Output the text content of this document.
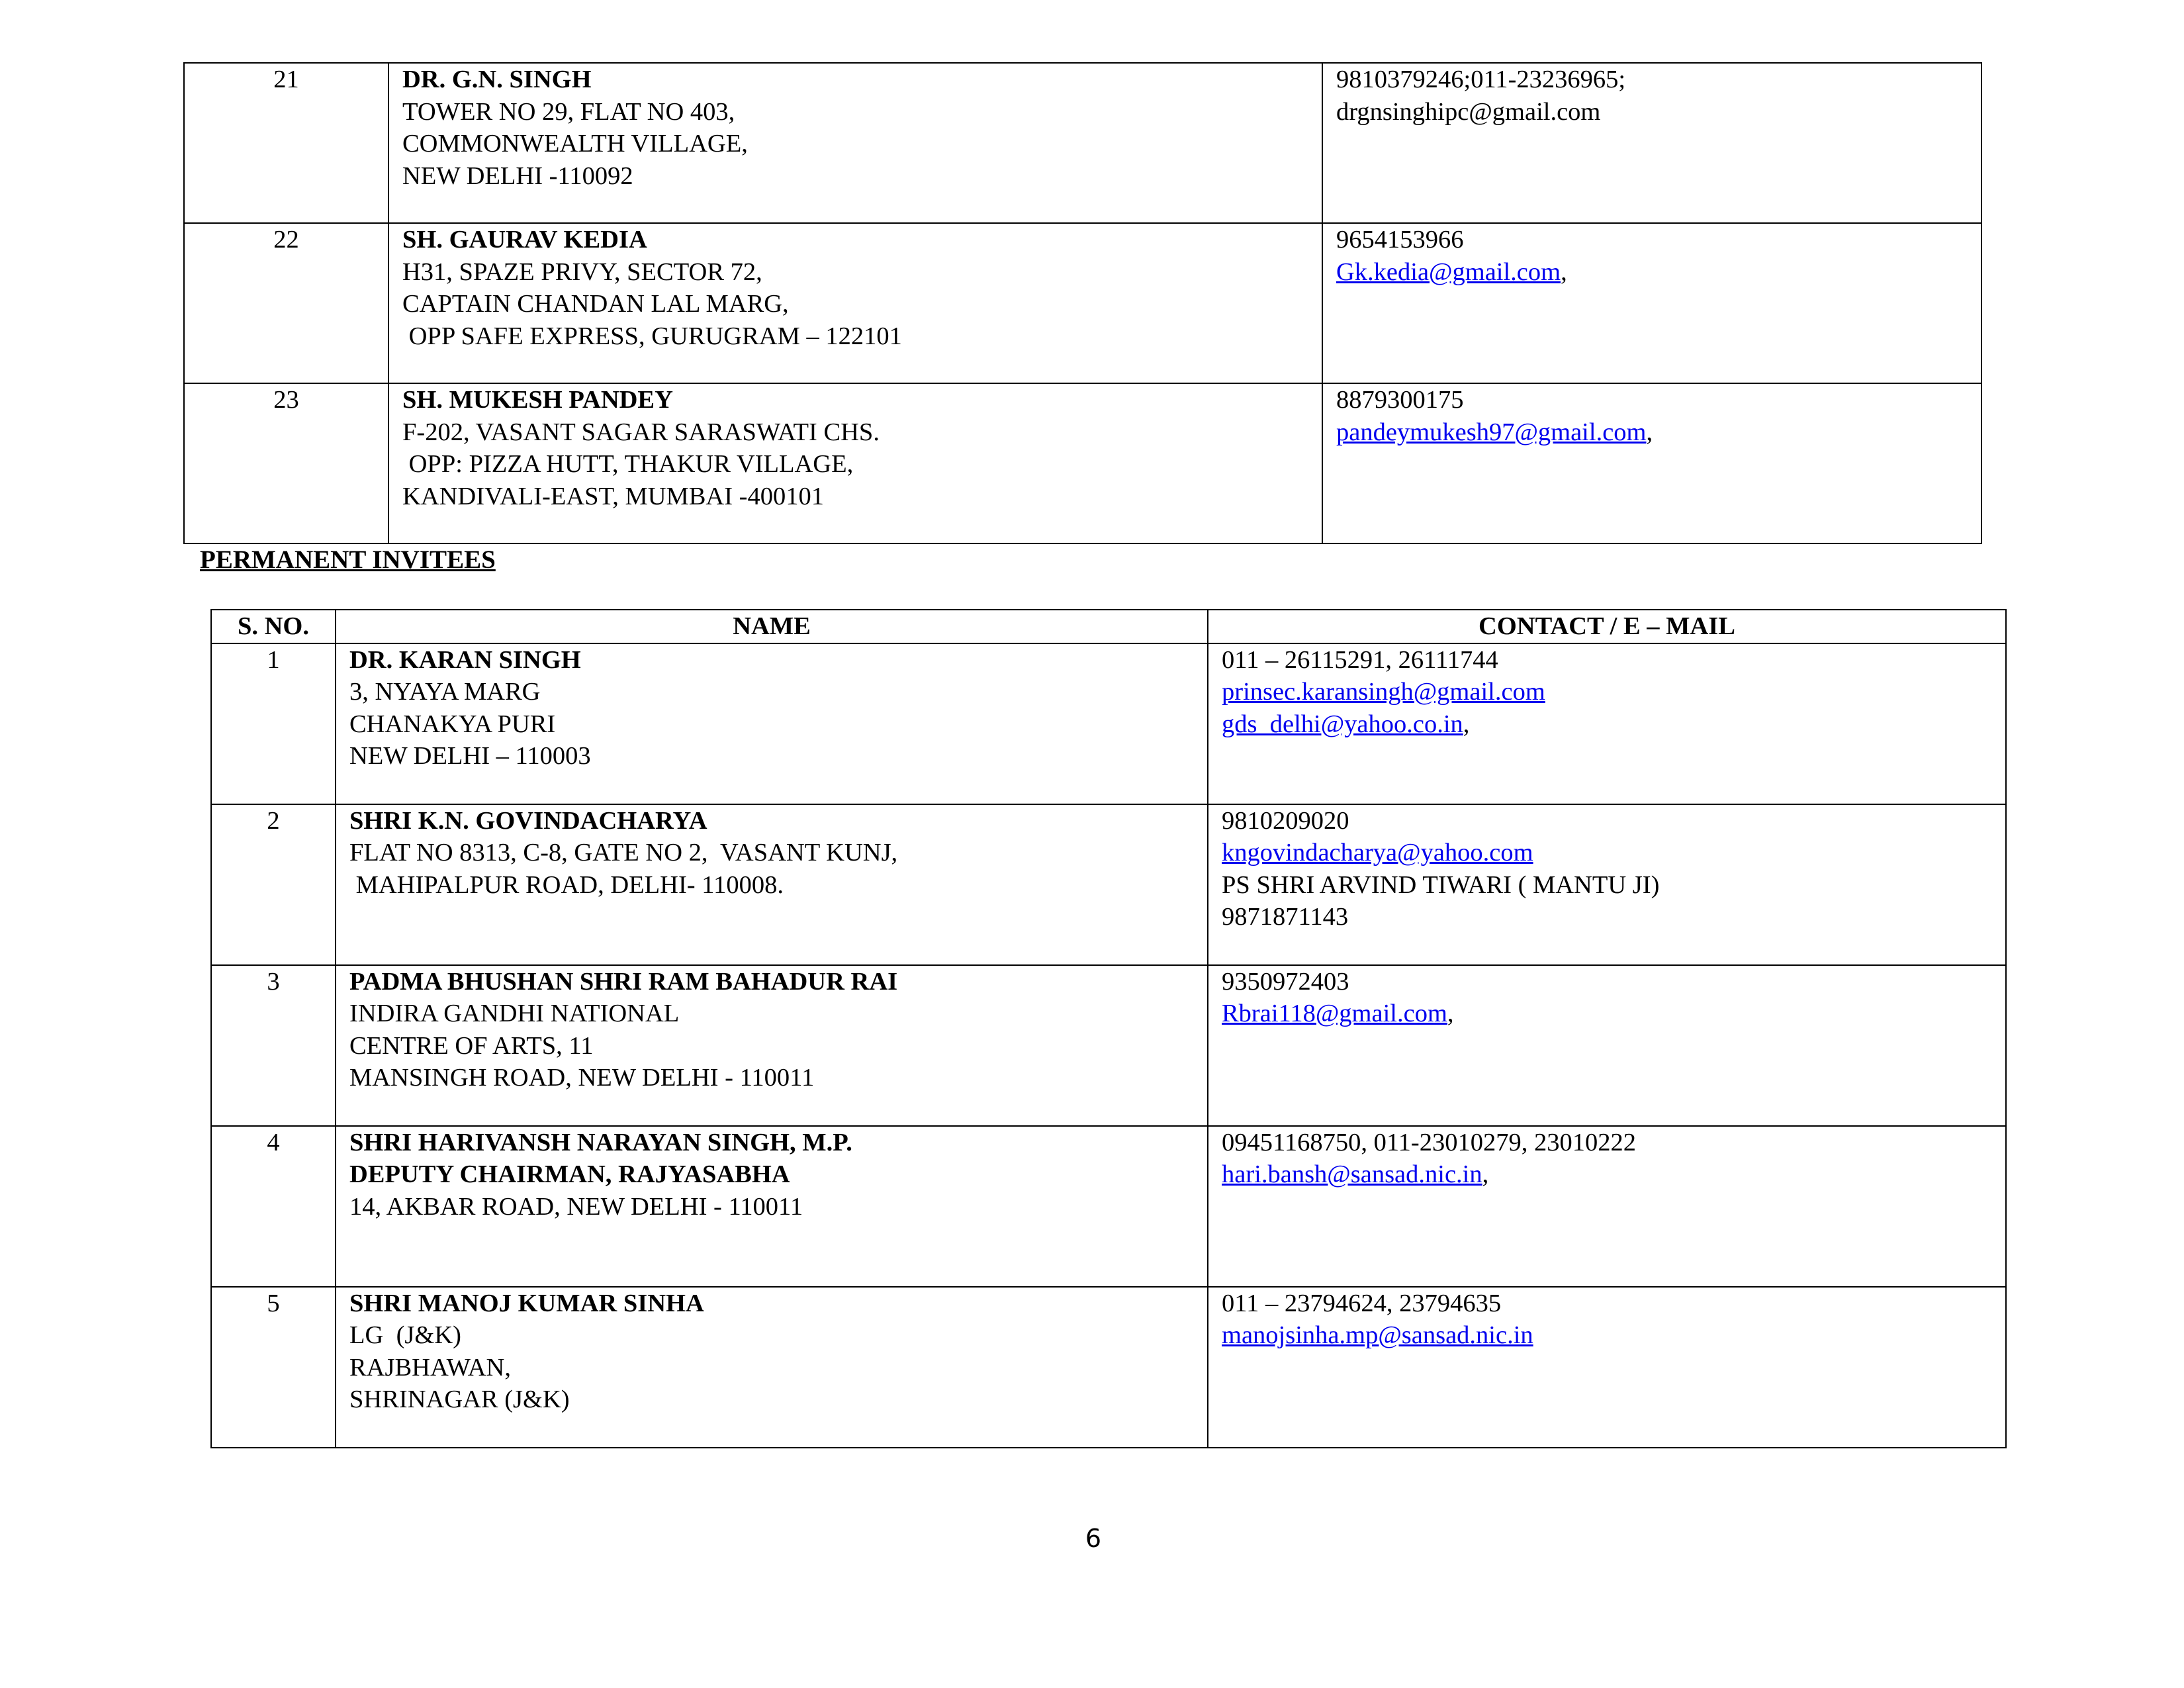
21	DR. G.N. SINGH
TOWER NO 29, FLAT NO 403,
COMMONWEALTH VILLAGE,
NEW DELHI -110092	9810379246;011-23236965;
drgnsinghipc@gmail.com

22	SH. GAURAV KEDIA
H31, SPAZE PRIVY, SECTOR 72,
CAPTAIN CHANDAN LAL MARG,
OPP SAFE EXPRESS, GURUGRAM – 122101	9654153966
Gk.kedia@gmail.com,

23	SH. MUKESH PANDEY
F-202, VASANT SAGAR SARASWATI CHS.
OPP: PIZZA HUTT, THAKUR VILLAGE,
KANDIVALI-EAST, MUMBAI -400101	8879300175
pandeymukesh97@gmail.com,
PERMANENT INVITEES
S. NO.	NAME	CONTACT / E – MAIL
1	DR. KARAN SINGH
3, NYAYA MARG
CHANAKYA PURI
NEW DELHI – 110003	011 – 26115291, 26111744
prinsec.karansingh@gmail.com
gds_delhi@yahoo.co.in,

2	SHRI K.N. GOVINDACHARYA
FLAT NO 8313, C-8, GATE NO 2,  VASANT KUNJ,
MAHIPALPUR ROAD, DELHI- 110008.	9810209020
kngovindacharya@yahoo.com
PS SHRI ARVIND TIWARI ( MANTU JI)
9871871143

3	PADMA BHUSHAN SHRI RAM BAHADUR RAI
INDIRA GANDHI NATIONAL
CENTRE OF ARTS, 11
MANSINGH ROAD, NEW DELHI - 110011	9350972403
Rbrai118@gmail.com,

4	SHRI HARIVANSH NARAYAN SINGH, M.P.
DEPUTY CHAIRMAN, RAJYASABHA
14, AKBAR ROAD, NEW DELHI - 110011	09451168750, 011-23010279, 23010222
hari.bansh@sansad.nic.in,

5	SHRI MANOJ KUMAR SINHA
LG  (J&K)
RAJBHAWAN,
SHRINAGAR (J&K)	011 – 23794624, 23794635
manojsinha.mp@sansad.nic.in
6
